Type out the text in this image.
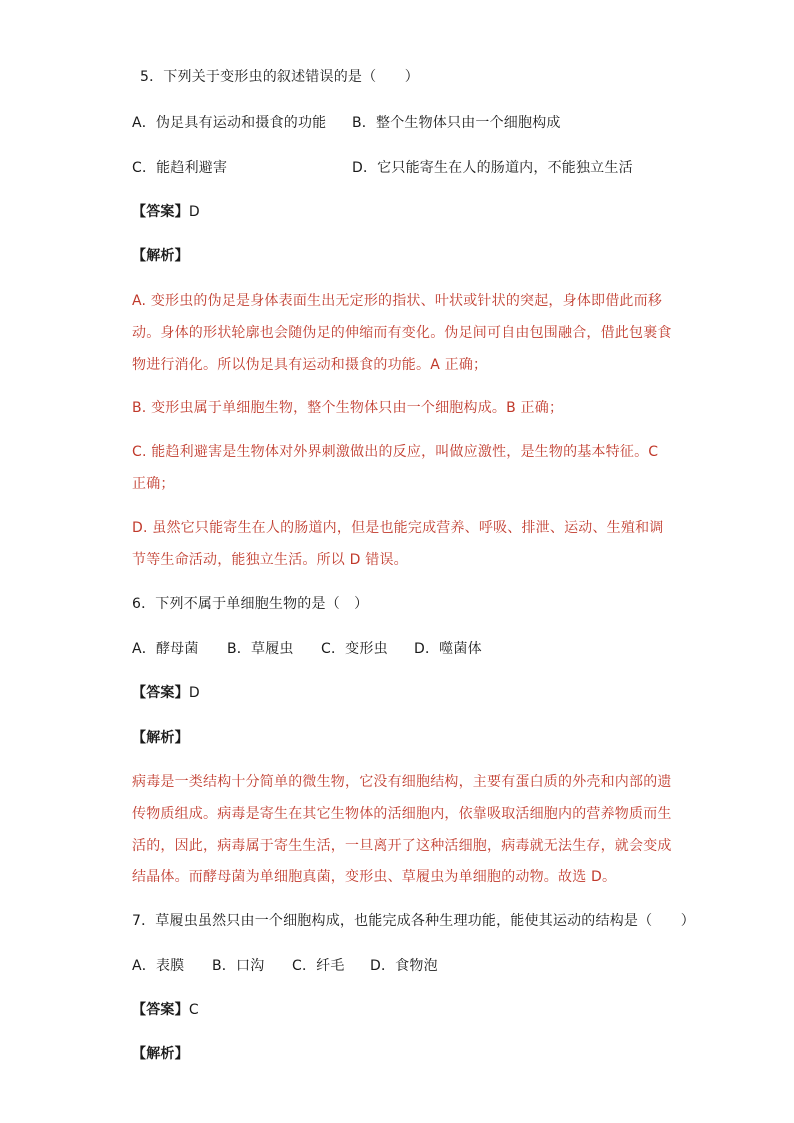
5．下列关于变形虫的叙述错误的是（　　）
A．伪足具有运动和摄食的功能 B．整个生物体只由一个细胞构成
C．能趋利避害	D．它只能寄生在人的肠道内，不能独立生活
【答案】D
【解析】
A. 变形虫的伪足是身体表面生出无定形的指状、叶状或针状的突起，身体即借此而移
动。身体的形状轮廓也会随伪足的伸缩而有变化。伪足间可自由包围融合，借此包裹食
物进行消化。所以伪足具有运动和摄食的功能。A 正确；
B. 变形虫属于单细胞生物，整个生物体只由一个细胞构成。B 正确；
C. 能趋利避害是生物体对外界刺激做出的反应，叫做应激性，是生物的基本特征。C
正确；
D. 虽然它只能寄生在人的肠道内，但是也能完成营养、呼吸、排泄、运动、生殖和调
节等生命活动，能独立生活。所以 D 错误。
6．下列不属于单细胞生物的是（　）
A．酵母菌 B．草履虫 C．变形虫 D．噬菌体
【答案】D
【解析】
病毒是一类结构十分简单的微生物，它没有细胞结构，主要有蛋白质的外壳和内部的遗
传物质组成。病毒是寄生在其它生物体的活细胞内，依靠吸取活细胞内的营养物质而生
活的，因此，病毒属于寄生生活，一旦离开了这种活细胞，病毒就无法生存，就会变成
结晶体。而酵母菌为单细胞真菌，变形虫、草履虫为单细胞的动物。故选 D。
7．草履虫虽然只由一个细胞构成，也能完成各种生理功能，能使其运动的结构是（　　）
A．表膜 B．口沟 C．纤毛 D．食物泡
【答案】C
【解析】
